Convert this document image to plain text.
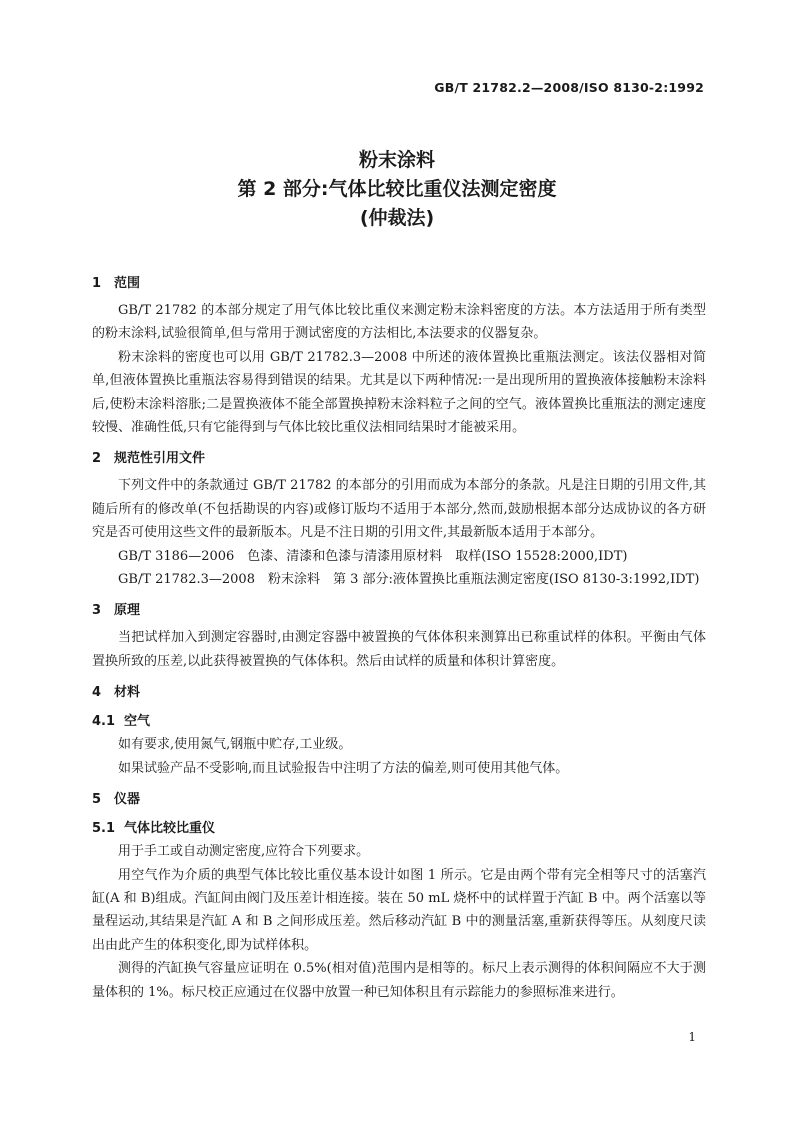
GB/T 21782.2—2008/ISO 8130-2:1992
粉末涂料
第 2 部分:气体比较比重仪法测定密度
(仲裁法)
1 范围
GB/T 21782 的本部分规定了用气体比较比重仪来测定粉末涂料密度的方法。本方法适用于所有类型的粉末涂料,试验很简单,但与常用于测试密度的方法相比,本法要求的仪器复杂。
粉末涂料的密度也可以用 GB/T 21782.3—2008 中所述的液体置换比重瓶法测定。该法仪器相对简单,但液体置换比重瓶法容易得到错误的结果。尤其是以下两种情况:一是出现所用的置换液体接触粉末涂料后,使粉末涂料溶胀;二是置换液体不能全部置换掉粉末涂料粒子之间的空气。液体置换比重瓶法的测定速度较慢、准确性低,只有它能得到与气体比较比重仪法相同结果时才能被采用。
2 规范性引用文件
下列文件中的条款通过 GB/T 21782 的本部分的引用而成为本部分的条款。凡是注日期的引用文件,其随后所有的修改单(不包括勘误的内容)或修订版均不适用于本部分,然而,鼓励根据本部分达成协议的各方研究是否可使用这些文件的最新版本。凡是不注日期的引用文件,其最新版本适用于本部分。
GB/T 3186—2006　色漆、清漆和色漆与清漆用原材料　取样(ISO 15528:2000,IDT)
GB/T 21782.3—2008　粉末涂料　第 3 部分:液体置换比重瓶法测定密度(ISO 8130-3:1992,IDT)
3 原理
当把试样加入到测定容器时,由测定容器中被置换的气体体积来测算出已称重试样的体积。平衡由气体置换所致的压差,以此获得被置换的气体体积。然后由试样的质量和体积计算密度。
4 材料
4.1 空气
如有要求,使用氮气,钢瓶中贮存,工业级。
如果试验产品不受影响,而且试验报告中注明了方法的偏差,则可使用其他气体。
5 仪器
5.1 气体比较比重仪
用于手工或自动测定密度,应符合下列要求。
用空气作为介质的典型气体比较比重仪基本设计如图 1 所示。它是由两个带有完全相等尺寸的活塞汽缸(A 和 B)组成。汽缸间由阀门及压差计相连接。装在 50 mL 烧杯中的试样置于汽缸 B 中。两个活塞以等量程运动,其结果是汽缸 A 和 B 之间形成压差。然后移动汽缸 B 中的测量活塞,重新获得等压。从刻度尺读出由此产生的体积变化,即为试样体积。
测得的汽缸换气容量应证明在 0.5%(相对值)范围内是相等的。标尺上表示测得的体积间隔应不大于测量体积的 1%。标尺校正应通过在仪器中放置一种已知体积且有示踪能力的参照标准来进行。
1
